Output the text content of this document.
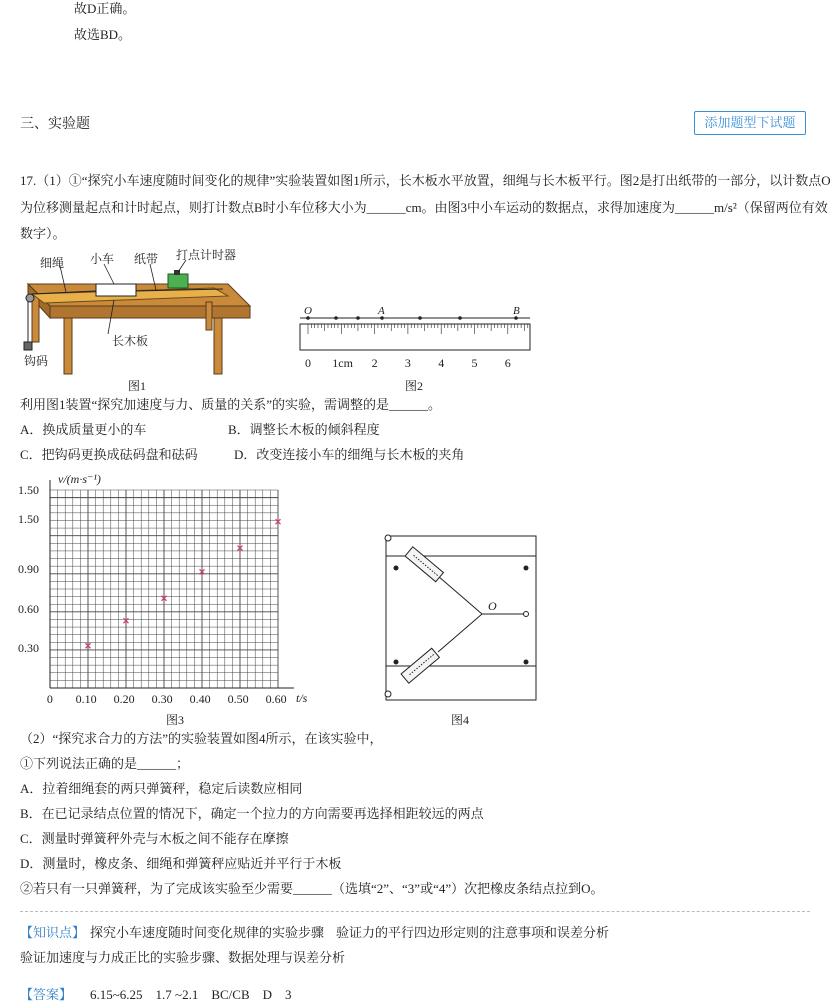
故D正确。
故选BD。
三、实验题	添加题型下试题
17.（1）①“探究小车速度随时间变化的规律”实验装置如图1所示，长木板水平放置，细绳与长木板平行。图2是打出纸带的一部分，以计数点O
为位移测量起点和计时起点，则打计数点B时小车位移大小为______cm。由图3中小车运动的数据点，求得加速度为______m/s²（保留两位有效
数字）。
细绳 小车 纸带 打点计时器
长木板
钩码
图1
O	A	B
0 1cm 2 3 4 5 6
图2
利用图1装置“探究加速度与力、质量的关系”的实验，需调整的是______。
A．换成质量更小的车	B．调整长木板的倾斜程度
C．把钩码更换成砝码盘和砝码	D．改变连接小车的细绳与长木板的夹角
0 0.10 0.20 0.30 0.40 0.50 0.60
0.30
0.60
0.90
1.50
1.50
v/(m·s⁻¹)
t/s
图3
O
图4
（2）“探究求合力的方法”的实验装置如图4所示，在该实验中，
①下列说法正确的是______；
A．拉着细绳套的两只弹簧秤，稳定后读数应相同
B．在已记录结点位置的情况下，确定一个拉力的方向需要再选择相距较远的两点
C．测量时弹簧秤外壳与木板之间不能存在摩擦
D．测量时，橡皮条、细绳和弹簧秤应贴近并平行于木板
②若只有一只弹簧秤，为了完成该实验至少需要______（选填“2”、“3”或“4”）次把橡皮条结点拉到O。
【知识点】 探究小车速度随时间变化规律的实验步骤 验证力的平行四边形定则的注意事项和误差分析
验证加速度与力成正比的实验步骤、数据处理与误差分析
【答案】 6.15~6.25　1.7 ~2.1　BC/CB　D　3
